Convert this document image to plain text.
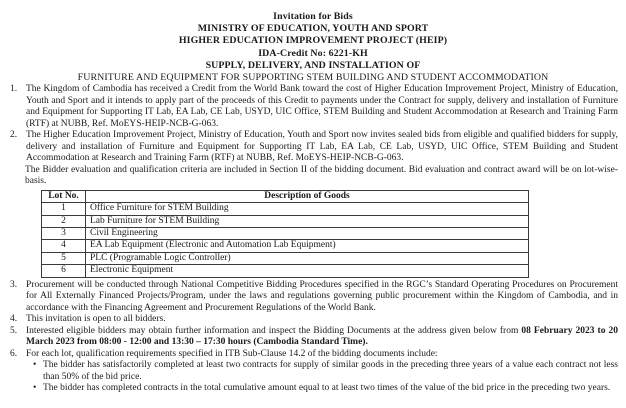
Invitation for Bids
MINISTRY OF EDUCATION, YOUTH AND SPORT
HIGHER EDUCATION IMPROVEMENT PROJECT (HEIP)
IDA-Credit No: 6221-KH
SUPPLY, DELIVERY, AND INSTALLATION OF
FURNITURE AND EQUIPMENT FOR SUPPORTING STEM BUILDING AND STUDENT ACCOMMODATION
1. The Kingdom of Cambodia has received a Credit from the World Bank toward the cost of Higher Education Improvement Project, Ministry of Education, Youth and Sport and it intends to apply part of the proceeds of this Credit to payments under the Contract for supply, delivery and installation of Furniture and Equipment for Supporting IT Lab, EA Lab, CE Lab, USYD, UIC Office, STEM Building and Student Accommodation at Research and Training Farm (RTF) at NUBB, Ref. MoEYS-HEIP-NCB-G-063.

2. The Higher Education Improvement Project, Ministry of Education, Youth and Sport now invites sealed bids from eligible and qualified bidders for supply, delivery and installation of Furniture and Equipment for Supporting IT Lab, EA Lab, CE Lab, USYD, UIC Office, STEM Building and Student Accommodation at Research and Training Farm (RTF) at NUBB, Ref. MoEYS-HEIP-NCB-G-063.

The Bidder evaluation and qualification criteria are included in Section II of the bidding document. Bid evaluation and contract award will be on lot-wise-basis.

Lot No.	Description of Goods
1	Office Furniture for STEM Building
2	Lab Furniture for STEM Building
3	Civil Engineering
4	EA Lab Equipment (Electronic and Automation Lab Equipment)
5	PLC (Programable Logic Controller)
6	Electronic Equipment
3. Procurement will be conducted through National Competitive Bidding Procedures specified in the RGC’s Standard Operating Procedures on Procurement for All Externally Financed Projects/Program, under the laws and regulations governing public procurement within the Kingdom of Cambodia, and in accordance with the Financing Agreement and Procurement Regulations of the World Bank.

4. This invitation is open to all bidders.

5. Interested eligible bidders may obtain further information and inspect the Bidding Documents at the address given below from 08 February 2023 to 20 March 2023 from 08:00 - 12:00 and 13:30 – 17:30 hours (Cambodia Standard Time).

6. For each lot, qualification requirements specified in ITB Sub-Clause 14.2 of the bidding documents include:

• The bidder has satisfactorily completed at least two contracts for supply of similar goods in the preceding three years of a value each contract not less than 50% of the bid price.

• The bidder has completed contracts in the total cumulative amount equal to at least two times of the value of the bid price in the preceding two years.
